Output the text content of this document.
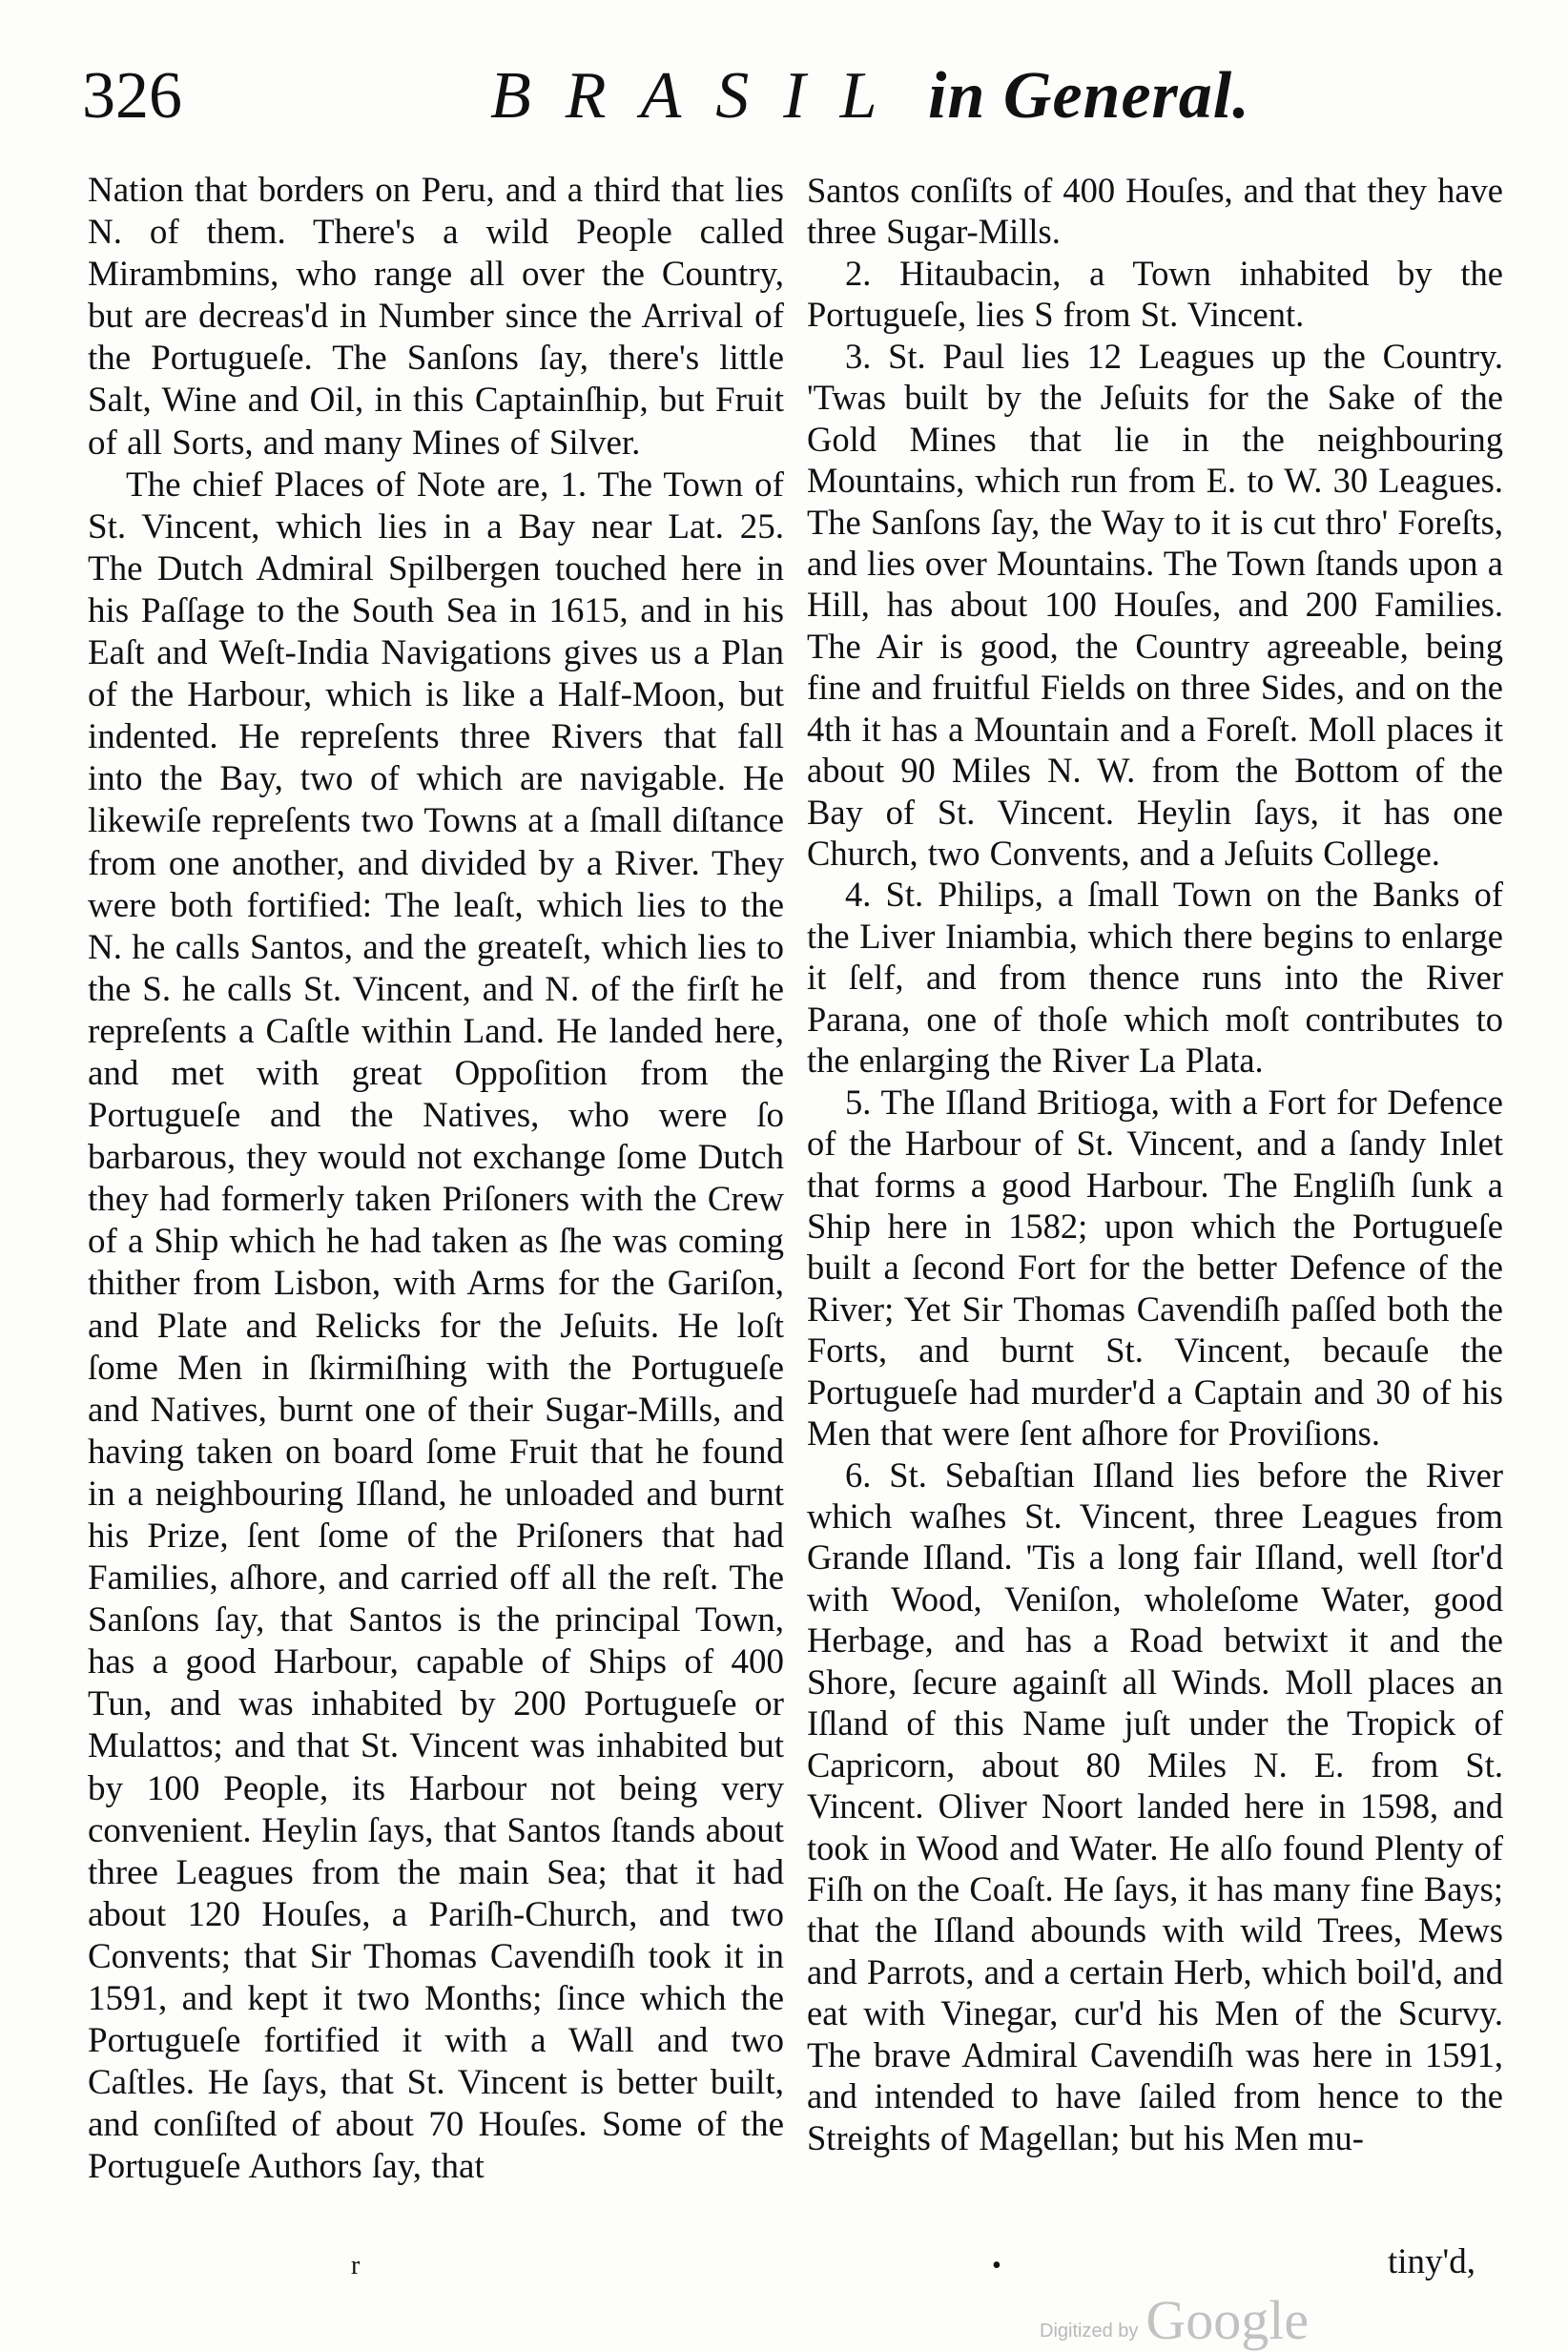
326	BRASIL in General.

Nation that borders on Peru, and a third that lies N. of them. There's a wild People called Mirambmins, who range all over the Country, but are decreas'd in Number since the Arrival of the Portugueſe. The Sanſons ſay, there's little Salt, Wine and Oil, in this Captainſhip, but Fruit of all Sorts, and many Mines of Silver.

The chief Places of Note are, 1. The Town of St. Vincent, which lies in a Bay near Lat. 25. The Dutch Admiral Spilbergen touched here in his Paſſage to the South Sea in 1615, and in his Eaſt and Weſt-India Navigations gives us a Plan of the Harbour, which is like a Half-Moon, but indented. He repreſents three Rivers that fall into the Bay, two of which are navigable. He likewiſe repreſents two Towns at a ſmall diſtance from one another, and divided by a River. They were both fortified: The leaſt, which lies to the N. he calls Santos, and the greateſt, which lies to the S. he calls St. Vincent, and N. of the firſt he repreſents a Caſtle within Land. He landed here, and met with great Oppoſition from the Portugueſe and the Natives, who were ſo barbarous, they would not exchange ſome Dutch they had formerly taken Priſoners with the Crew of a Ship which he had taken as ſhe was coming thither from Lisbon, with Arms for the Gariſon, and Plate and Relicks for the Jeſuits. He loſt ſome Men in ſkirmiſhing with the Portugueſe and Natives, burnt one of their Sugar-Mills, and having taken on board ſome Fruit that he found in a neighbouring Iſland, he unloaded and burnt his Prize, ſent ſome of the Priſoners that had Families, aſhore, and carried off all the reſt. The Sanſons ſay, that Santos is the principal Town, has a good Harbour, capable of Ships of 400 Tun, and was inhabited by 200 Portugueſe or Mulattos; and that St. Vincent was inhabited but by 100 People, its Harbour not being very convenient. Heylin ſays, that Santos ſtands about three Leagues from the main Sea; that it had about 120 Houſes, a Pariſh-Church, and two Convents; that Sir Thomas Cavendiſh took it in 1591, and kept it two Months; ſince which the Portugueſe fortified it with a Wall and two Caſtles. He ſays, that St. Vincent is better built, and conſiſted of about 70 Houſes. Some of the Portugueſe Authors ſay, that

Santos conſiſts of 400 Houſes, and that they have three Sugar-Mills.

2. Hitaubacin, a Town inhabited by the Portugueſe, lies S from St. Vincent.

3. St. Paul lies 12 Leagues up the Country. 'Twas built by the Jeſuits for the Sake of the Gold Mines that lie in the neighbouring Mountains, which run from E. to W. 30 Leagues. The Sanſons ſay, the Way to it is cut thro' Foreſts, and lies over Mountains. The Town ſtands upon a Hill, has about 100 Houſes, and 200 Families. The Air is good, the Country agreeable, being fine and fruitful Fields on three Sides, and on the 4th it has a Mountain and a Foreſt. Moll places it about 90 Miles N. W. from the Bottom of the Bay of St. Vincent. Heylin ſays, it has one Church, two Convents, and a Jeſuits College.

4. St. Philips, a ſmall Town on the Banks of the Liver Iniambia, which there begins to enlarge it ſelf, and from thence runs into the River Parana, one of thoſe which moſt contributes to the enlarging the River La Plata.

5. The Iſland Britioga, with a Fort for Defence of the Harbour of St. Vincent, and a ſandy Inlet that forms a good Harbour. The Engliſh ſunk a Ship here in 1582; upon which the Portugueſe built a ſecond Fort for the better Defence of the River; Yet Sir Thomas Cavendiſh paſſed both the Forts, and burnt St. Vincent, becauſe the Portugueſe had murder'd a Captain and 30 of his Men that were ſent aſhore for Proviſions.

6. St. Sebaſtian Iſland lies before the River which waſhes St. Vincent, three Leagues from Grande Iſland. 'Tis a long fair Iſland, well ſtor'd with Wood, Veniſon, wholeſome Water, good Herbage, and has a Road betwixt it and the Shore, ſecure againſt all Winds. Moll places an Iſland of this Name juſt under the Tropick of Capricorn, about 80 Miles N. E. from St. Vincent. Oliver Noort landed here in 1598, and took in Wood and Water. He alſo found Plenty of Fiſh on the Coaſt. He ſays, it has many fine Bays; that the Iſland abounds with wild Trees, Mews and Parrots, and a certain Herb, which boil'd, and eat with Vinegar, cur'd his Men of the Scurvy. The brave Admiral Cavendiſh was here in 1591, and intended to have ſailed from hence to the Streights of Magellan; but his Men mu-

r	•	tiny'd,
Digitized by Google
